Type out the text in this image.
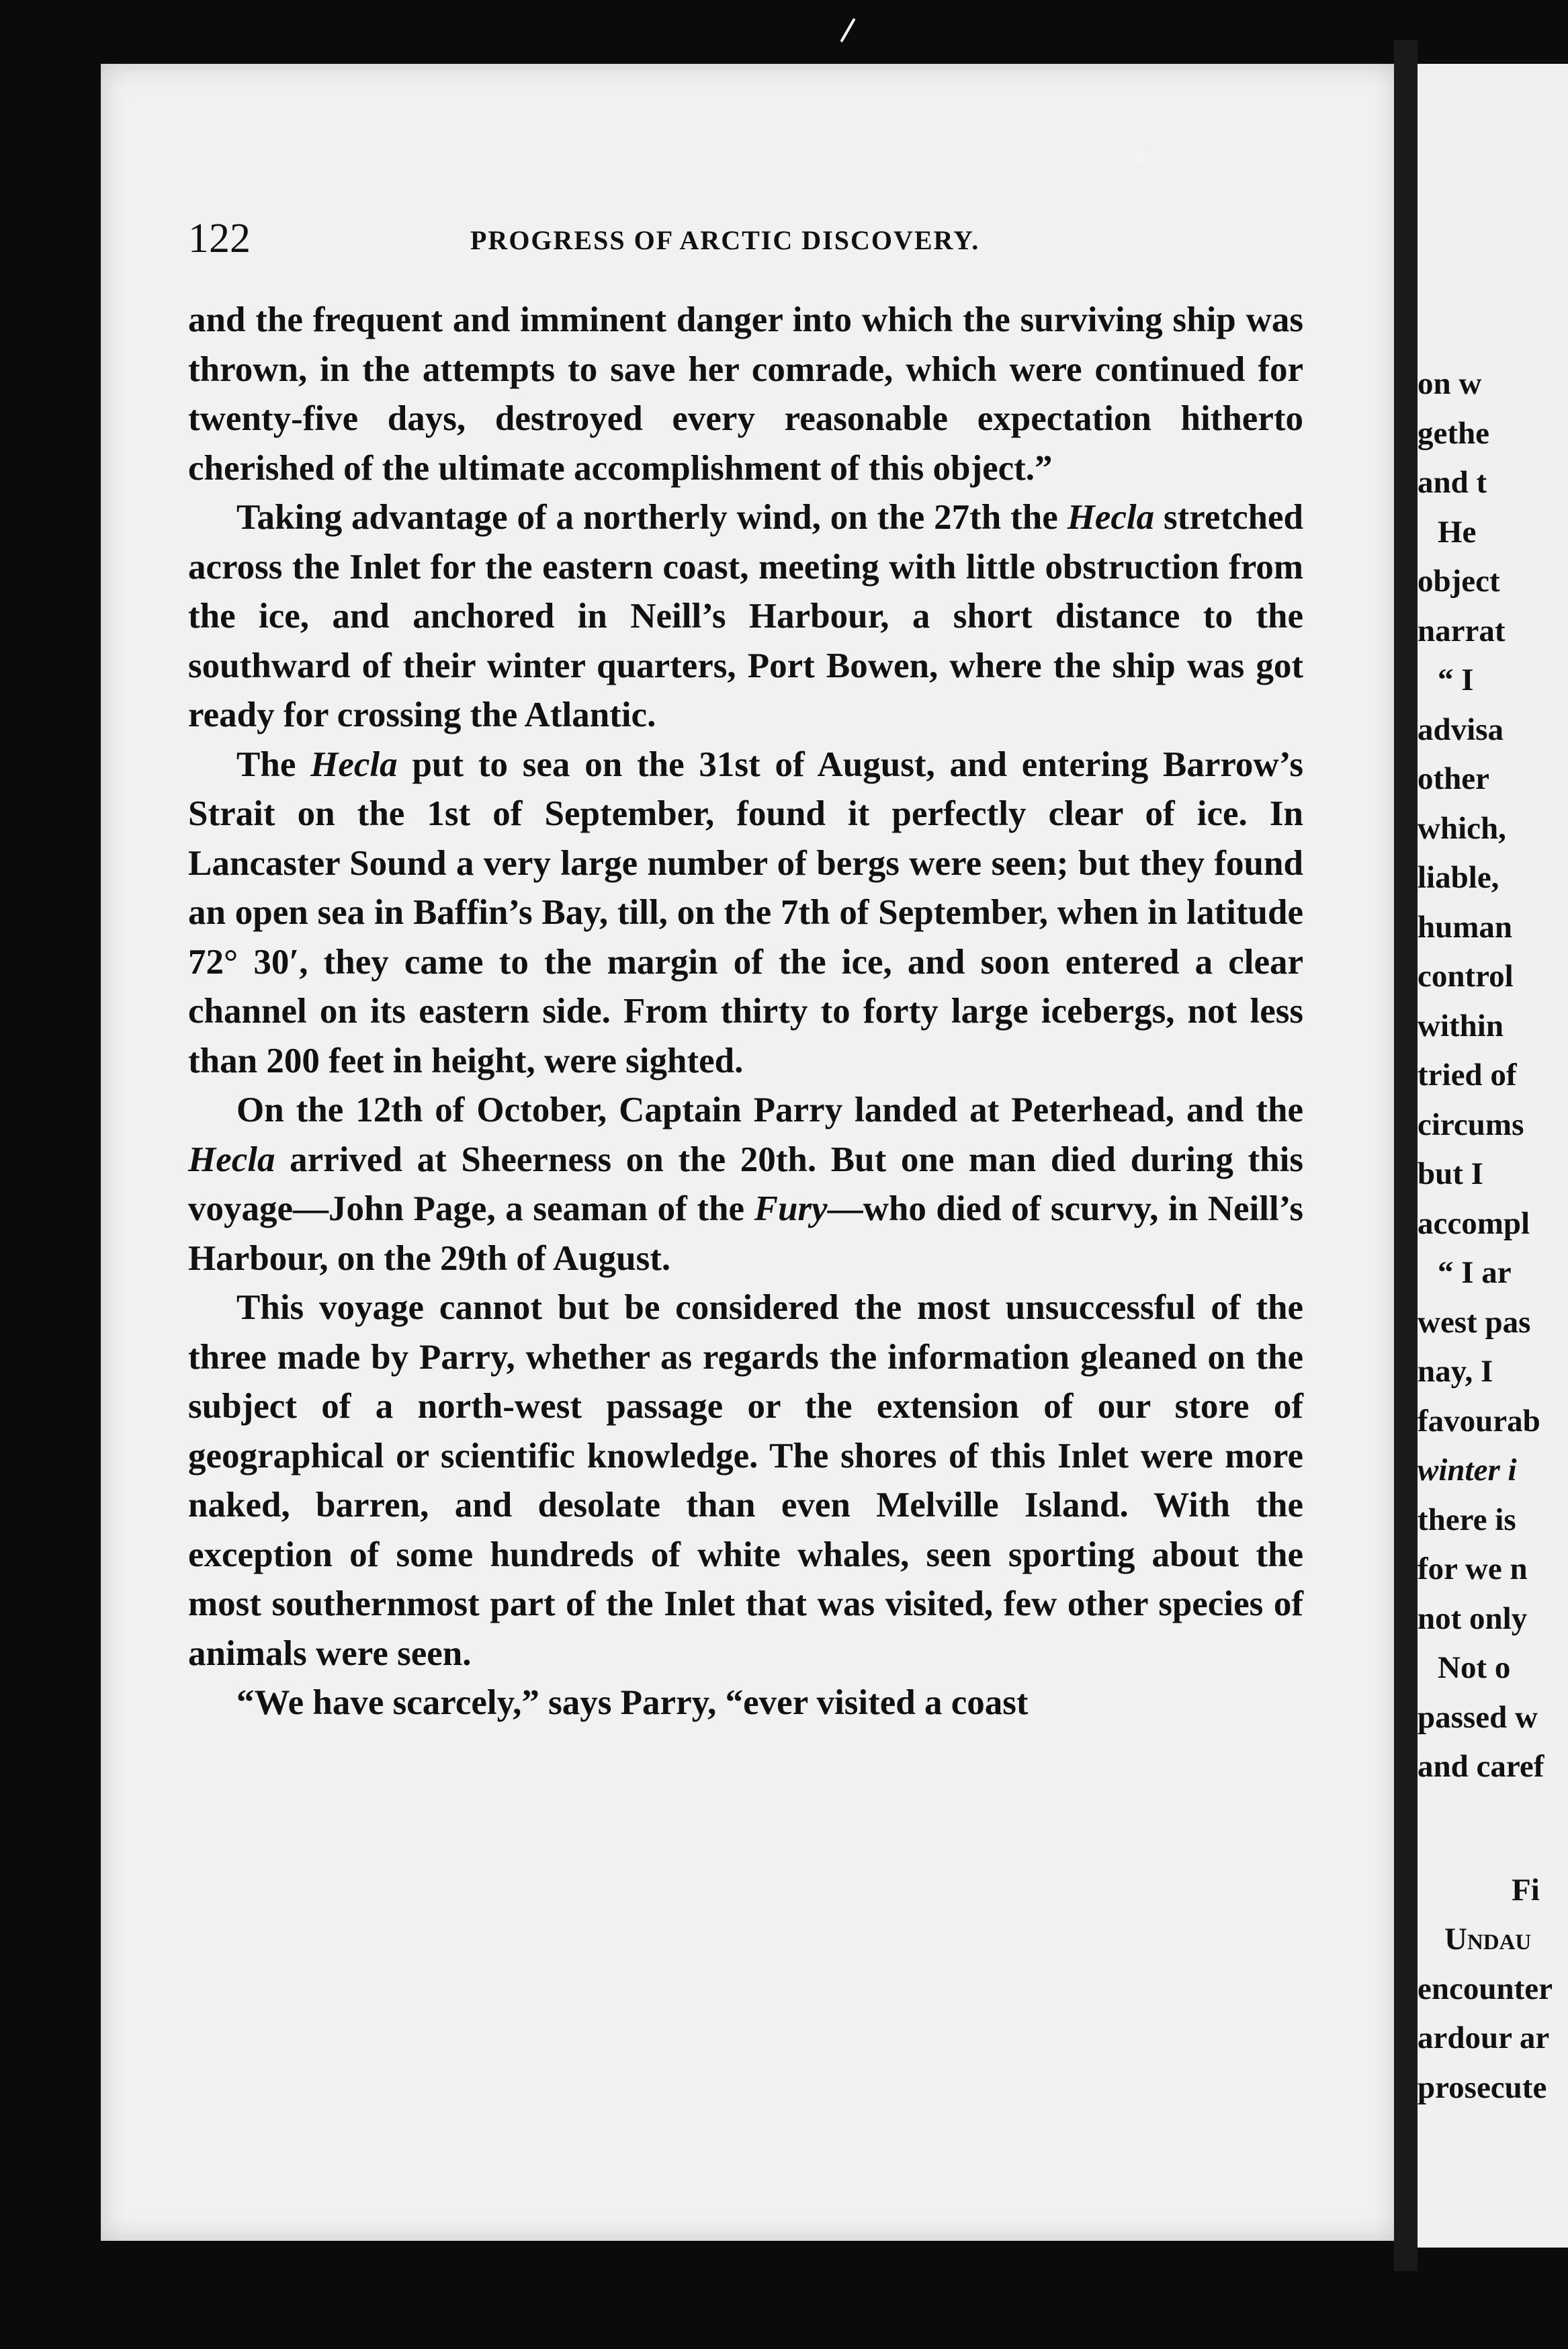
on w
gethe
and t
He
object
narrat
“ I
advisa
other
which,
liable,
human
control
within
tried of
circums
but I
accompl
“ I ar
west pas
nay, I
favourab
winter i
there is
for we n
not only
Not o
passed w
and caref
Fi
Undau
encounter
ardour ar
prosecute
122	PROGRESS OF ARCTIC DISCOVERY.

and the frequent and imminent danger into which the surviving ship was thrown, in the attempts to save her comrade, which were continued for twenty-five days, destroyed every reasonable expectation hitherto cherished of the ultimate accomplishment of this object.”

Taking advantage of a northerly wind, on the 27th the Hecla stretched across the Inlet for the eastern coast, meeting with little obstruction from the ice, and anchored in Neill’s Harbour, a short distance to the southward of their winter quarters, Port Bowen, where the ship was got ready for crossing the Atlantic.

The Hecla put to sea on the 31st of August, and entering Barrow’s Strait on the 1st of September, found it perfectly clear of ice. In Lancaster Sound a very large number of bergs were seen; but they found an open sea in Baffin’s Bay, till, on the 7th of September, when in latitude 72° 30′, they came to the margin of the ice, and soon entered a clear channel on its eastern side. From thirty to forty large icebergs, not less than 200 feet in height, were sighted.

On the 12th of October, Captain Parry landed at Peterhead, and the Hecla arrived at Sheerness on the 20th. But one man died during this voyage—John Page, a seaman of the Fury—who died of scurvy, in Neill’s Harbour, on the 29th of August.

This voyage cannot but be considered the most unsuccessful of the three made by Parry, whether as regards the information gleaned on the subject of a north-west passage or the extension of our store of geographical or scientific knowledge. The shores of this Inlet were more naked, barren, and desolate than even Melville Island. With the exception of some hundreds of white whales, seen sporting about the most southernmost part of the Inlet that was visited, few other species of animals were seen.

“We have scarcely,” says Parry, “ever visited a coast
